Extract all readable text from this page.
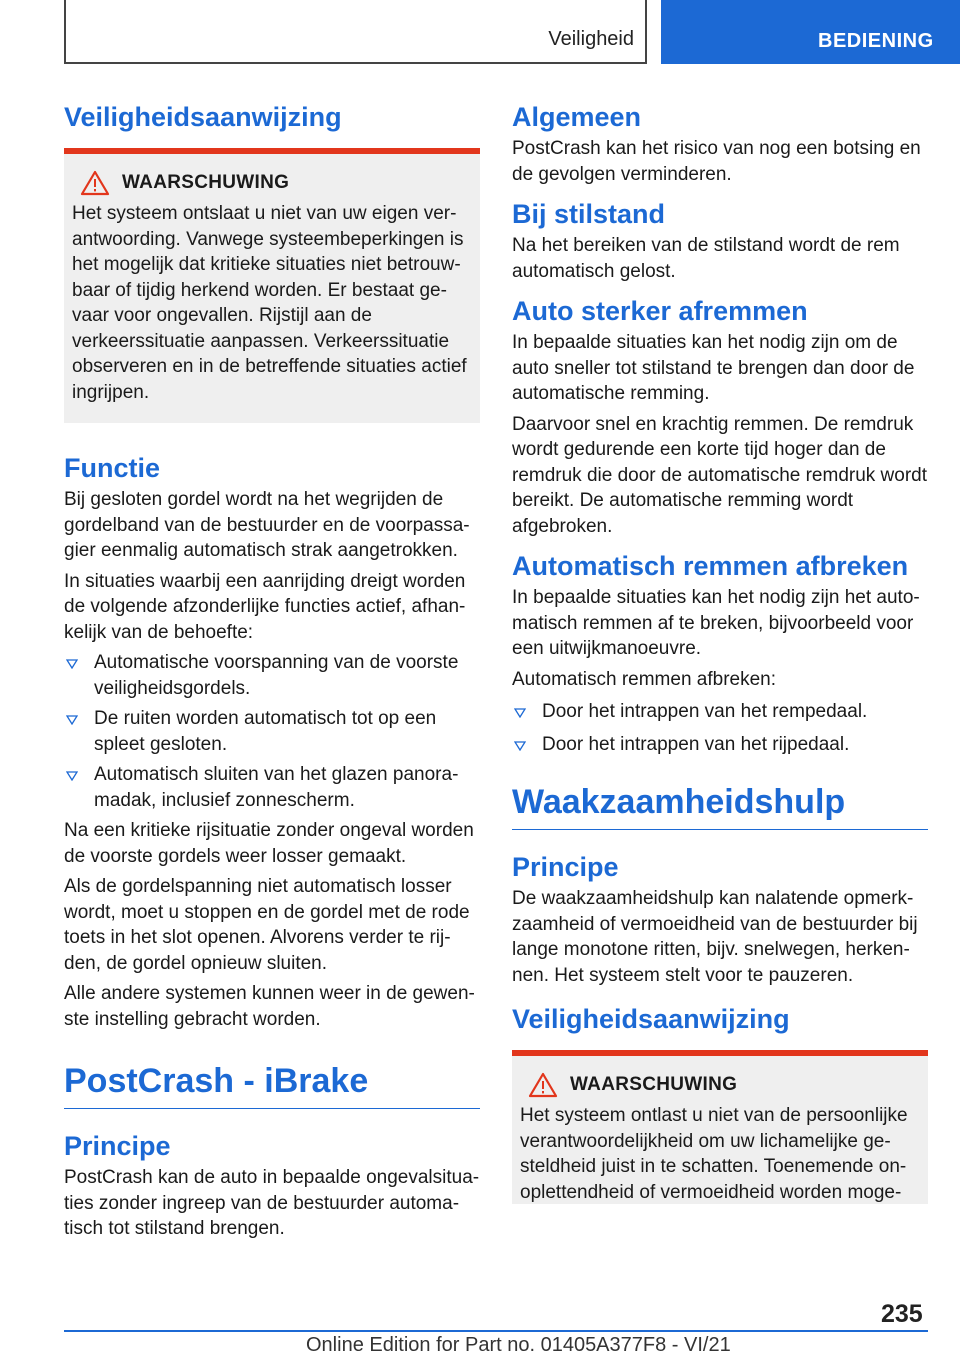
Veiligheid	BEDIENING
Veiligheidsaanwijzing
WAARSCHUWING

Het systeem ontslaat u niet van uw eigen verantwoording. Vanwege systeembeperkingen is het mogelijk dat kritieke situaties niet betrouwbaar of tijdig herkend worden. Er bestaat gevaar voor ongevallen. Rijstijl aan de verkeerssituatie aanpassen. Verkeerssituatie observeren en in de betreffende situaties actief ingrijpen.

Functie

Bij gesloten gordel wordt na het wegrijden de gordelband van de bestuurder en de voorpassagier eenmalig automatisch strak aangetrokken.

In situaties waarbij een aanrijding dreigt worden de volgende afzonderlijke functies actief, afhankelijk van de behoefte:

Automatische voorspanning van de voorste veiligheidsgordels.
De ruiten worden automatisch tot op een spleet gesloten.
Automatisch sluiten van het glazen panoramadak, inclusief zonnescherm.

Na een kritieke rijsituatie zonder ongeval worden de voorste gordels weer losser gemaakt.

Als de gordelspanning niet automatisch losser wordt, moet u stoppen en de gordel met de rode toets in het slot openen. Alvorens verder te rijden, de gordel opnieuw sluiten.

Alle andere systemen kunnen weer in de gewenste instelling gebracht worden.

PostCrash - iBrake
Principe

PostCrash kan de auto in bepaalde ongevalsituaties zonder ingreep van de bestuurder automatisch tot stilstand brengen.

Algemeen

PostCrash kan het risico van nog een botsing en de gevolgen verminderen.

Bij stilstand

Na het bereiken van de stilstand wordt de rem automatisch gelost.

Auto sterker afremmen

In bepaalde situaties kan het nodig zijn om de auto sneller tot stilstand te brengen dan door de automatische remming.

Daarvoor snel en krachtig remmen. De remdruk wordt gedurende een korte tijd hoger dan de remdruk die door de automatische remdruk wordt bereikt. De automatische remming wordt afgebroken.

Automatisch remmen afbreken

In bepaalde situaties kan het nodig zijn het automatisch remmen af te breken, bijvoorbeeld voor een uitwijkmanoeuvre.

Automatisch remmen afbreken:

Door het intrappen van het rempedaal.
Door het intrappen van het rijpedaal.
Waakzaamheidshulp
Principe

De waakzaamheidshulp kan nalatende opmerkzaamheid of vermoeidheid van de bestuurder bij lange monotone ritten, bijv. snelwegen, herkennen. Het systeem stelt voor te pauzeren.

Veiligheidsaanwijzing
WAARSCHUWING

Het systeem ontlast u niet van de persoonlijke verantwoordelijkheid om uw lichamelijke gesteldheid juist in te schatten. Toenemende onoplettendheid of vermoeidheid worden moge-

235
Online Edition for Part no. 01405A377F8 - VI/21
